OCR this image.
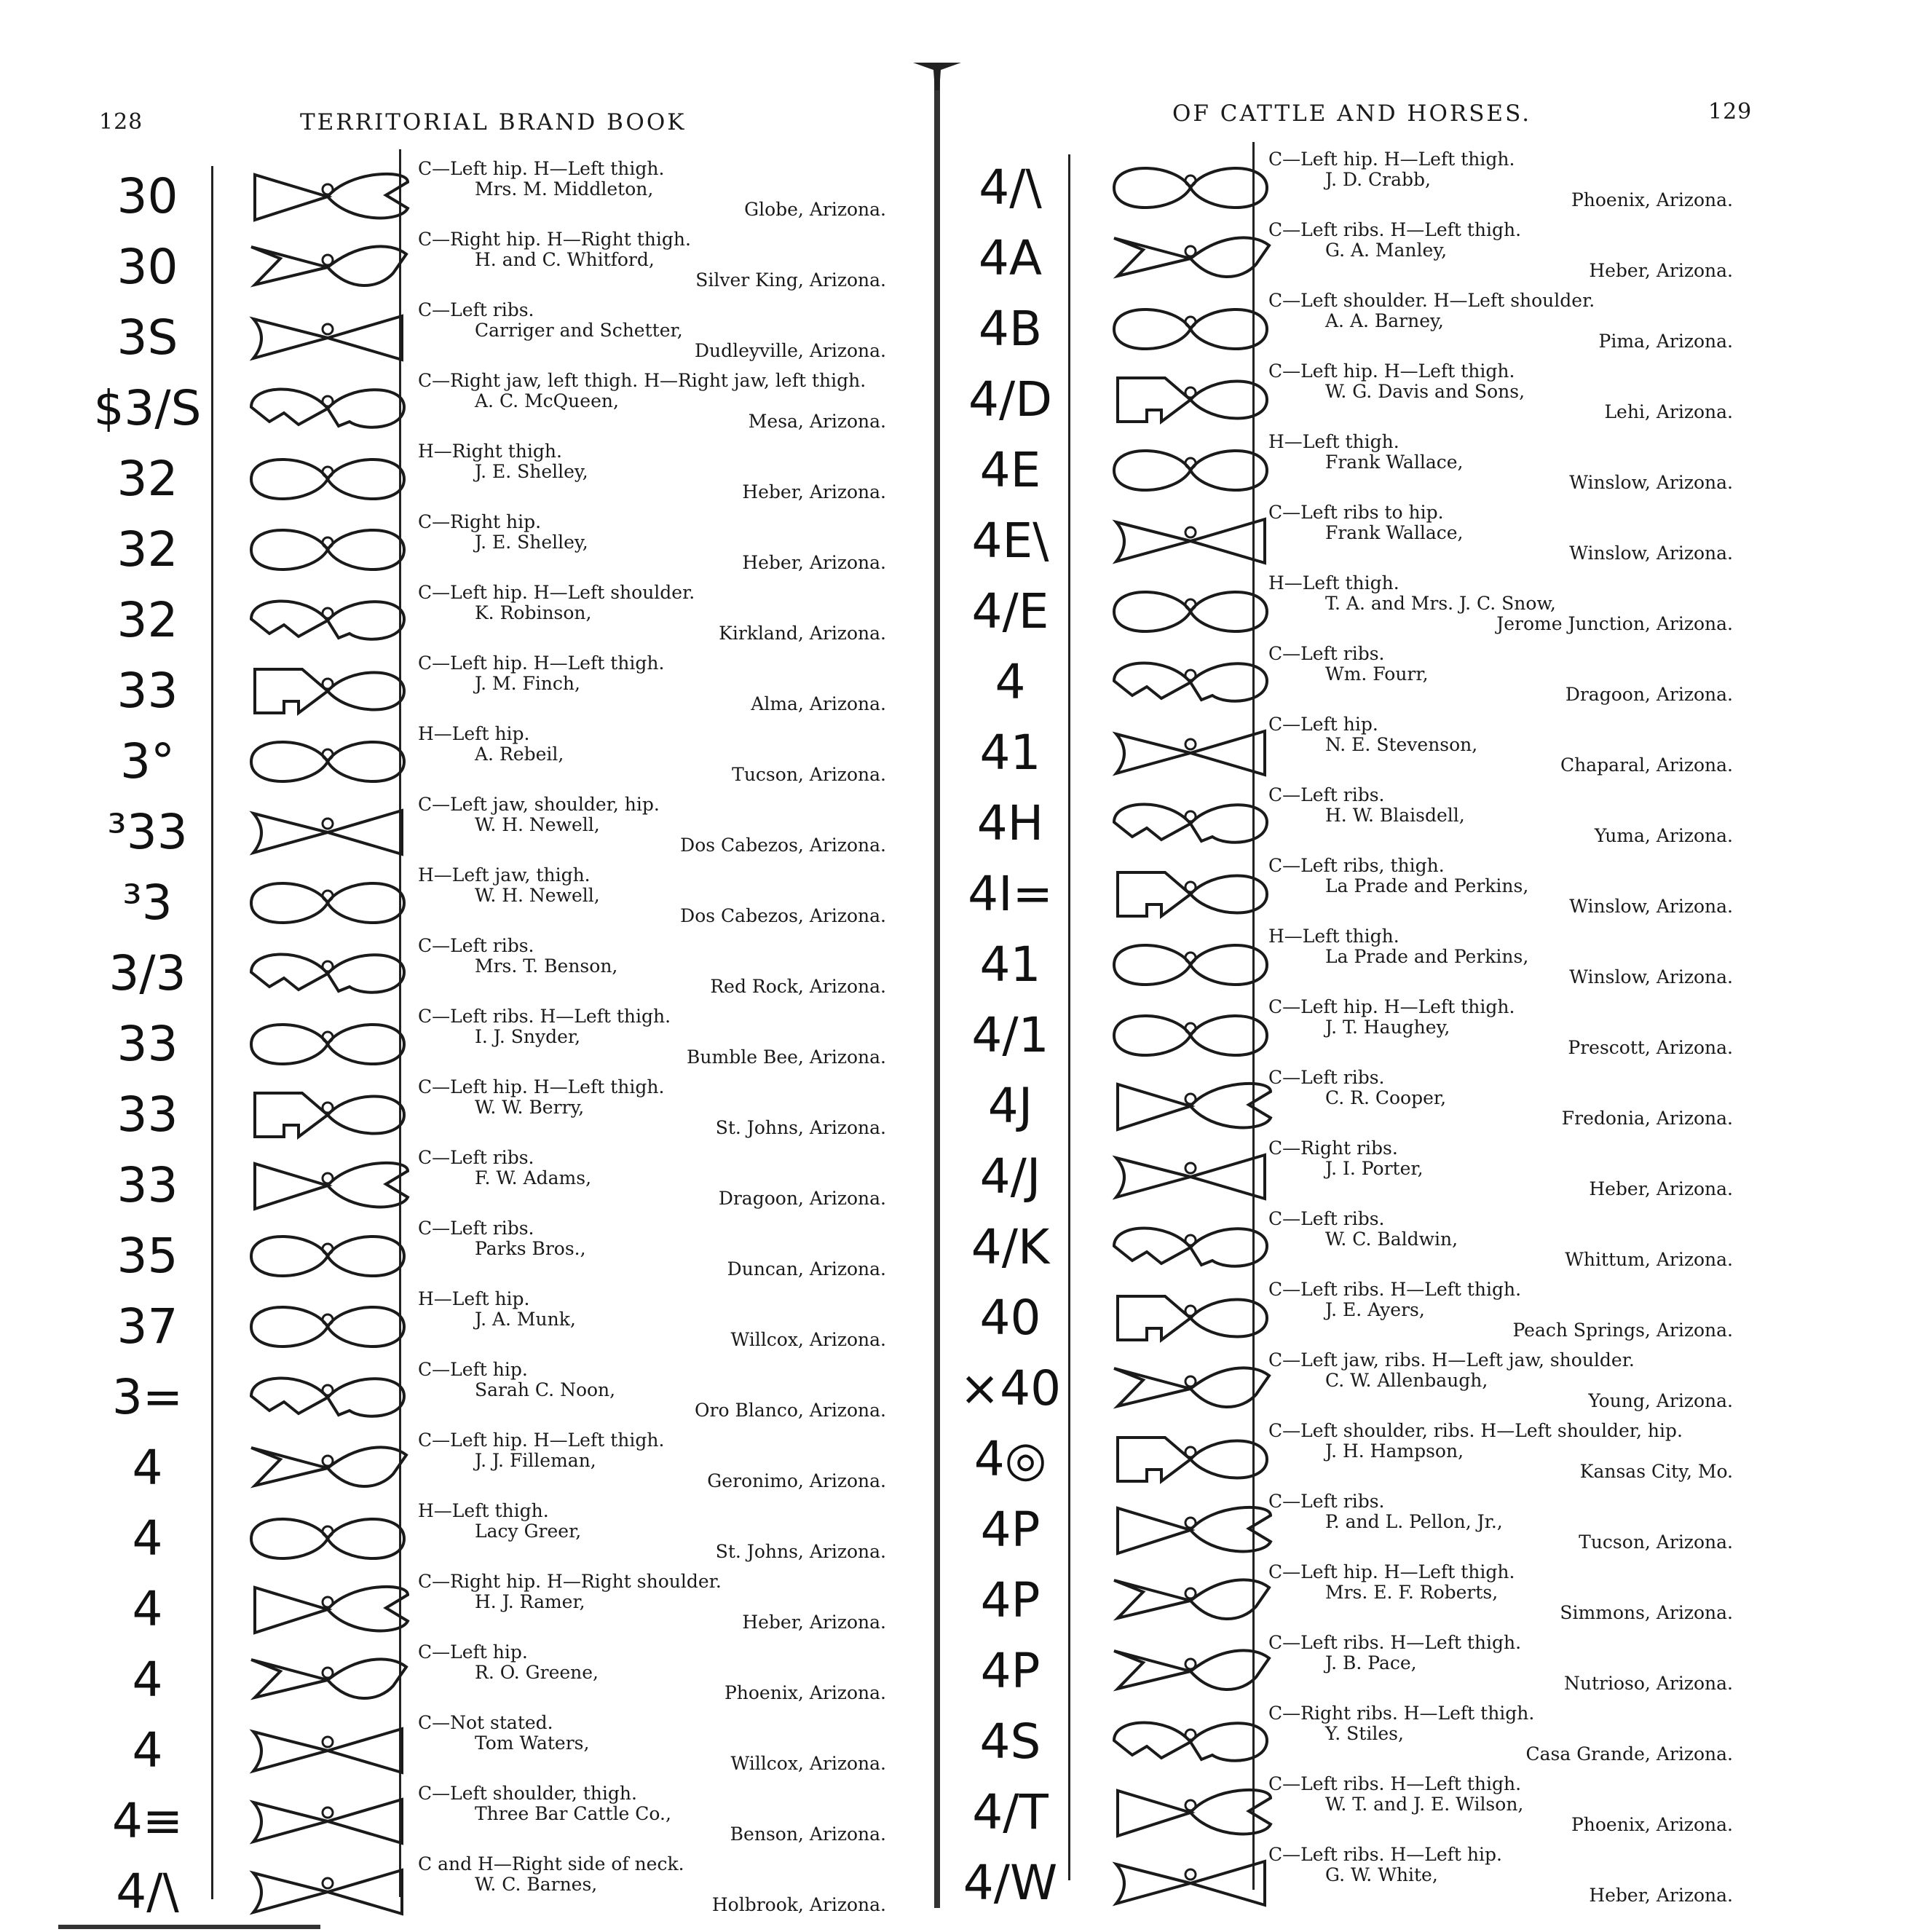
128	TERRITORIAL BRAND BOOK
30
30
3S
$3/S
32
32
32
33
3°
³33
³3
3/3
33
33
33
35
37
3=
4
4
4
4
4
4≡
4/\
C—Left hip. H—Left thigh.
Mrs. M. Middleton,
Globe, Arizona.
C—Right hip. H—Right thigh.
H. and C. Whitford,
Silver King, Arizona.
C—Left ribs.
Carriger and Schetter,
Dudleyville, Arizona.
C—Right jaw, left thigh. H—Right jaw, left thigh.
A. C. McQueen,
Mesa, Arizona.
H—Right thigh.
J. E. Shelley,
Heber, Arizona.
C—Right hip.
J. E. Shelley,
Heber, Arizona.
C—Left hip. H—Left shoulder.
K. Robinson,
Kirkland, Arizona.
C—Left hip. H—Left thigh.
J. M. Finch,
Alma, Arizona.
H—Left hip.
A. Rebeil,
Tucson, Arizona.
C—Left jaw, shoulder, hip.
W. H. Newell,
Dos Cabezos, Arizona.
H—Left jaw, thigh.
W. H. Newell,
Dos Cabezos, Arizona.
C—Left ribs.
Mrs. T. Benson,
Red Rock, Arizona.
C—Left ribs. H—Left thigh.
I. J. Snyder,
Bumble Bee, Arizona.
C—Left hip. H—Left thigh.
W. W. Berry,
St. Johns, Arizona.
C—Left ribs.
F. W. Adams,
Dragoon, Arizona.
C—Left ribs.
Parks Bros.,
Duncan, Arizona.
H—Left hip.
J. A. Munk,
Willcox, Arizona.
C—Left hip.
Sarah C. Noon,
Oro Blanco, Arizona.
C—Left hip. H—Left thigh.
J. J. Filleman,
Geronimo, Arizona.
H—Left thigh.
Lacy Greer,
St. Johns, Arizona.
C—Right hip. H—Right shoulder.
H. J. Ramer,
Heber, Arizona.
C—Left hip.
R. O. Greene,
Phoenix, Arizona.
C—Not stated.
Tom Waters,
Willcox, Arizona.
C—Left shoulder, thigh.
Three Bar Cattle Co.,
Benson, Arizona.
C and H—Right side of neck.
W. C. Barnes,
Holbrook, Arizona.
129
OF CATTLE AND HORSES.
4/\
4A
4B
4/D
4E
4E\
4/E
4
41
4H
4I=
41
4/1
4J
4/J
4/K
40
×40
4◎
4P
4P
4P
4S
4/T
4/W
C—Left hip. H—Left thigh.
J. D. Crabb,
Phoenix, Arizona.
C—Left ribs. H—Left thigh.
G. A. Manley,
Heber, Arizona.
C—Left shoulder. H—Left shoulder.
A. A. Barney,
Pima, Arizona.
C—Left hip. H—Left thigh.
W. G. Davis and Sons,
Lehi, Arizona.
H—Left thigh.
Frank Wallace,
Winslow, Arizona.
C—Left ribs to hip.
Frank Wallace,
Winslow, Arizona.
H—Left thigh.
T. A. and Mrs. J. C. Snow,
Jerome Junction, Arizona.
C—Left ribs.
Wm. Fourr,
Dragoon, Arizona.
C—Left hip.
N. E. Stevenson,
Chaparal, Arizona.
C—Left ribs.
H. W. Blaisdell,
Yuma, Arizona.
C—Left ribs, thigh.
La Prade and Perkins,
Winslow, Arizona.
H—Left thigh.
La Prade and Perkins,
Winslow, Arizona.
C—Left hip. H—Left thigh.
J. T. Haughey,
Prescott, Arizona.
C—Left ribs.
C. R. Cooper,
Fredonia, Arizona.
C—Right ribs.
J. I. Porter,
Heber, Arizona.
C—Left ribs.
W. C. Baldwin,
Whittum, Arizona.
C—Left ribs. H—Left thigh.
J. E. Ayers,
Peach Springs, Arizona.
C—Left jaw, ribs. H—Left jaw, shoulder.
C. W. Allenbaugh,
Young, Arizona.
C—Left shoulder, ribs. H—Left shoulder, hip.
J. H. Hampson,
Kansas City, Mo.
C—Left ribs.
P. and L. Pellon, Jr.,
Tucson, Arizona.
C—Left hip. H—Left thigh.
Mrs. E. F. Roberts,
Simmons, Arizona.
C—Left ribs. H—Left thigh.
J. B. Pace,
Nutrioso, Arizona.
C—Right ribs. H—Left thigh.
Y. Stiles,
Casa Grande, Arizona.
C—Left ribs. H—Left thigh.
W. T. and J. E. Wilson,
Phoenix, Arizona.
C—Left ribs. H—Left hip.
G. W. White,
Heber, Arizona.
